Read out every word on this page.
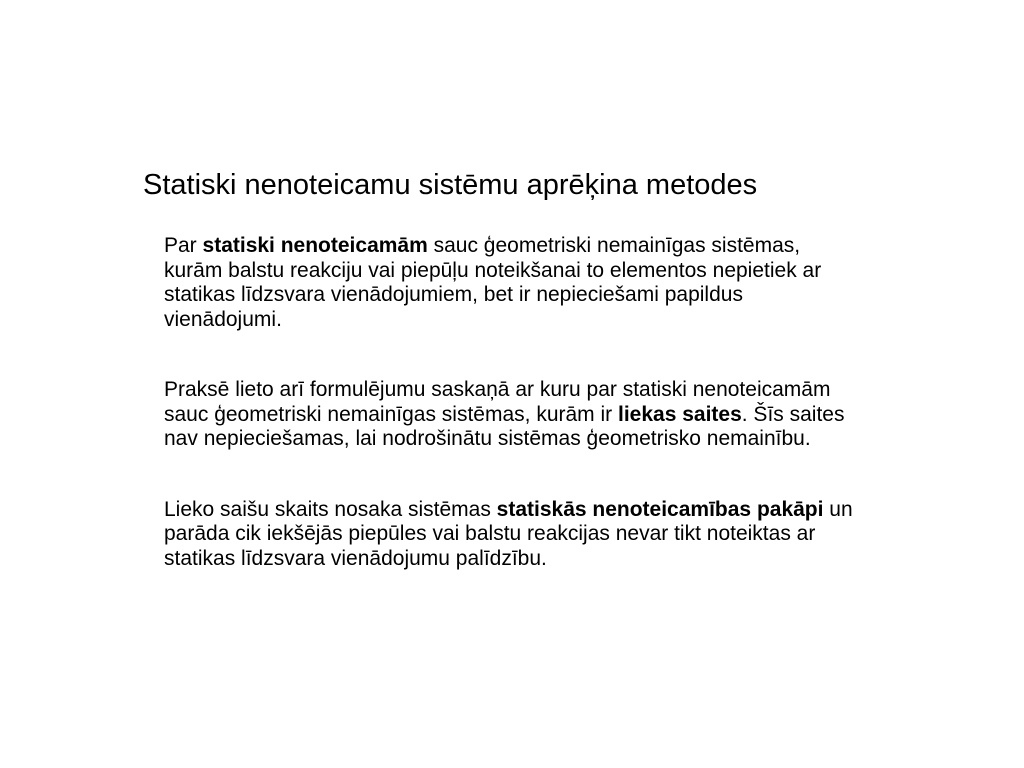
Statiski nenoteicamu sistēmu aprēķina metodes

Par statiski nenoteicamām sauc ģeometriski nemainīgas sistēmas, kurām balstu reakciju vai piepūļu noteikšanai to elementos nepietiek ar statikas līdzsvara vienādojumiem, bet ir nepieciešami papildus vienādojumi.

Praksē lieto arī formulējumu saskaņā ar kuru par statiski nenoteicamām sauc ģeometriski nemainīgas sistēmas, kurām ir liekas saites. Šīs saites nav nepieciešamas, lai nodrošinātu sistēmas ģeometrisko nemainību.

Lieko saišu skaits nosaka sistēmas statiskās nenoteicamības pakāpi un parāda cik iekšējās piepūles vai balstu reakcijas nevar tikt noteiktas ar statikas līdzsvara vienādojumu palīdzību.
